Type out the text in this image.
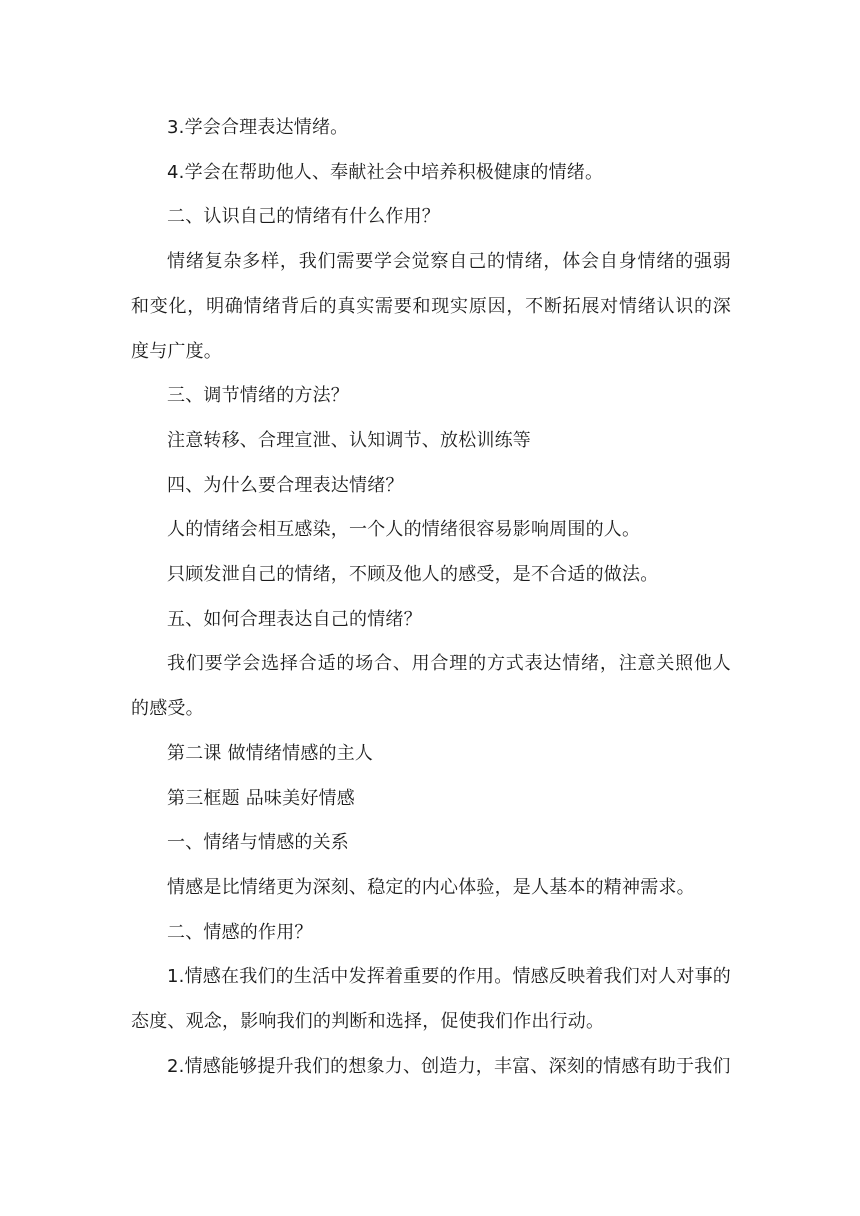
3.学会合理表达情绪。

4.学会在帮助他人、奉献社会中培养积极健康的情绪。

二、认识自己的情绪有什么作用？

情绪复杂多样，我们需要学会觉察自己的情绪，体会自身情绪的强弱和变化，明确情绪背后的真实需要和现实原因，不断拓展对情绪认识的深度与广度。

三、调节情绪的方法？

注意转移、合理宣泄、认知调节、放松训练等

四、为什么要合理表达情绪？

人的情绪会相互感染，一个人的情绪很容易影响周围的人。

只顾发泄自己的情绪，不顾及他人的感受，是不合适的做法。

五、如何合理表达自己的情绪？

我们要学会选择合适的场合、用合理的方式表达情绪，注意关照他人的感受。

第二课 做情绪情感的主人

第三框题 品味美好情感

一、情绪与情感的关系

情感是比情绪更为深刻、稳定的内心体验，是人基本的精神需求。

二、情感的作用？

1.情感在我们的生活中发挥着重要的作用。情感反映着我们对人对事的态度、观念，影响我们的判断和选择，促使我们作出行动。

2.情感能够提升我们的想象力、创造力，丰富、深刻的情感有助于我们
